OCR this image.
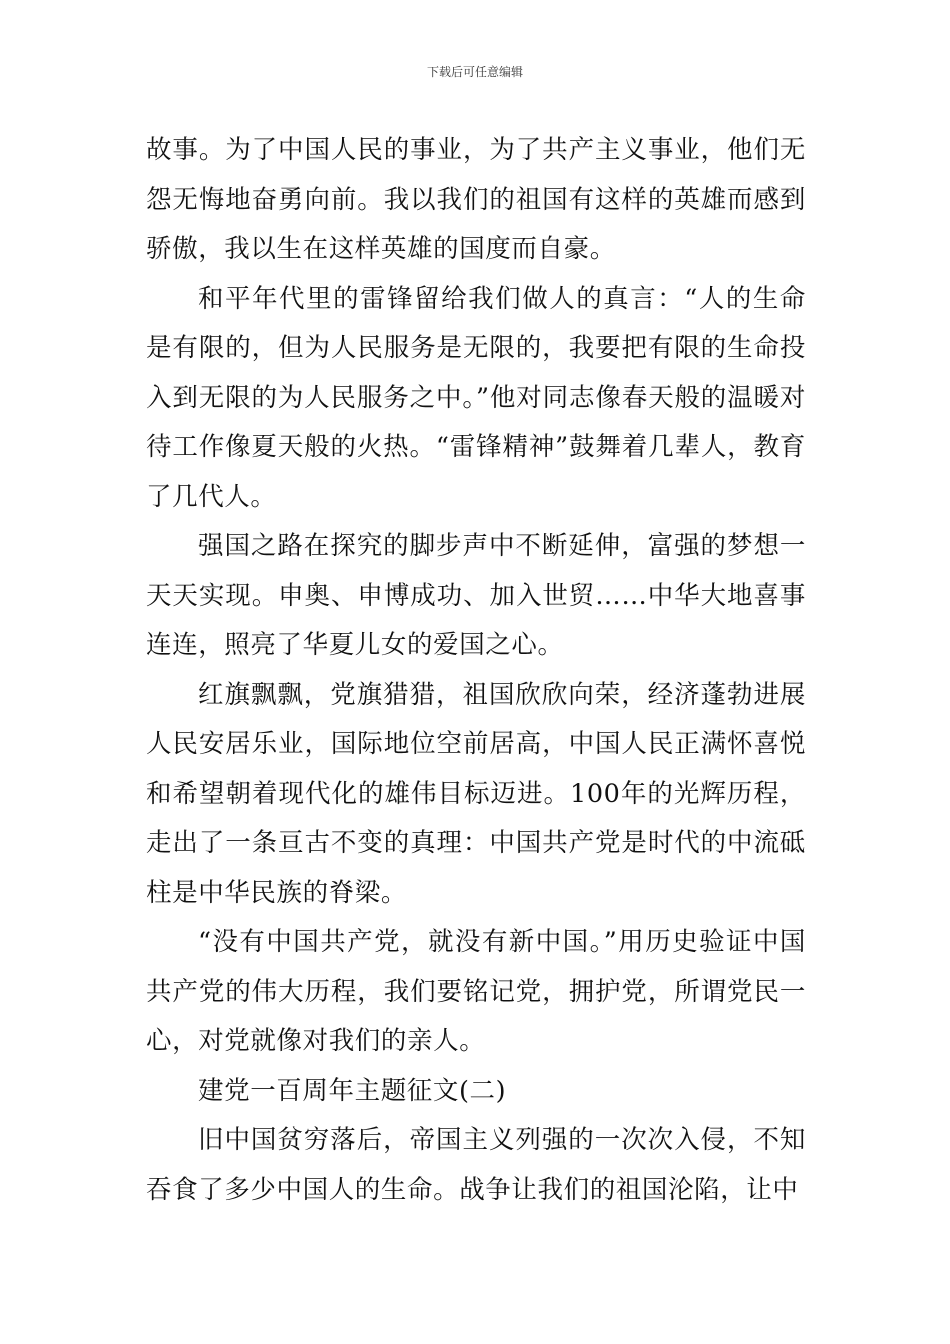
下载后可任意编辑

故事。为了中国人民的事业，为了共产主义事业，他们无怨无悔地奋勇向前。我以我们的祖国有这样的英雄而感到骄傲，我以生在这样英雄的国度而自豪。

和平年代里的雷锋留给我们做人的真言：“人的生命是有限的，但为人民服务是无限的，我要把有限的生命投入到无限的为人民服务之中。”他对同志像春天般的温暖对待工作像夏天般的火热。“雷锋精神”鼓舞着几辈人，教育了几代人。

强国之路在探究的脚步声中不断延伸，富强的梦想一天天实现。申奥、申博成功、加入世贸……中华大地喜事连连，照亮了华夏儿女的爱国之心。

红旗飘飘，党旗猎猎，祖国欣欣向荣，经济蓬勃进展人民安居乐业，国际地位空前居高，中国人民正满怀喜悦和希望朝着现代化的雄伟目标迈进。100年的光辉历程，走出了一条亘古不变的真理：中国共产党是时代的中流砥柱是中华民族的脊梁。

“没有中国共产党，就没有新中国。”用历史验证中国共产党的伟大历程，我们要铭记党，拥护党，所谓党民一心，对党就像对我们的亲人。

建党一百周年主题征文(二)

旧中国贫穷落后，帝国主义列强的一次次入侵，不知吞食了多少中国人的生命。战争让我们的祖国沦陷，让中
